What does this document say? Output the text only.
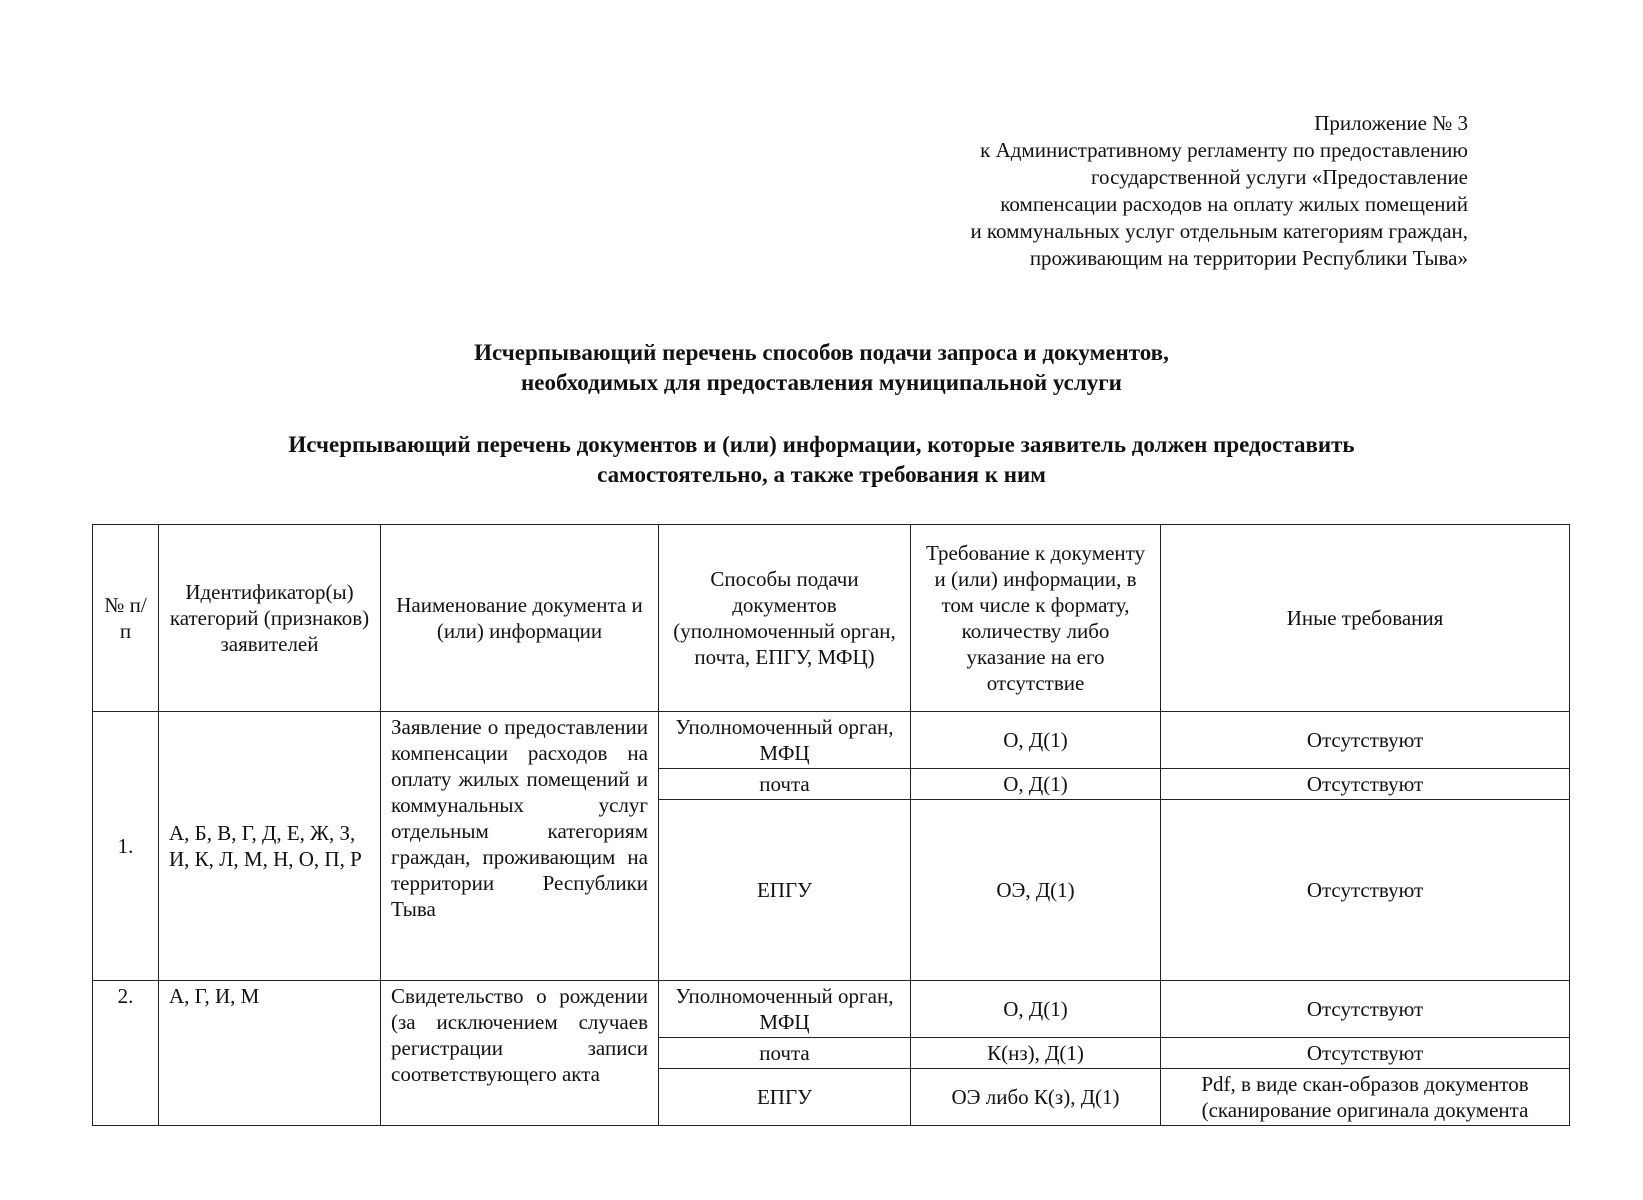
Приложение № 3
к Административному регламенту по предоставлению
государственной услуги «Предоставление
компенсации расходов на оплату жилых помещений
и коммунальных услуг отдельным категориям граждан,
проживающим на территории Республики Тыва»
Исчерпывающий перечень способов подачи запроса и документов,
необходимых для предоставления муниципальной услуги
Исчерпывающий перечень документов и (или) информации, которые заявитель должен предоставить
самостоятельно, а также требования к ним
№ п/п	Идентификатор(ы) категорий (признаков) заявителей	Наименование документа и (или) информации	Способы подачи документов (уполномоченный орган, почта, ЕПГУ, МФЦ)	Требование к документу и (или) информации, в том числе к формату, количеству либо указание на его отсутствие	Иные требования
1.	А, Б, В, Г, Д, Е, Ж, З, И, К, Л, М, Н, О, П, Р	Заявление о предоставлении компенсации расходов на оплату жилых помещений и коммунальных услуг отдельным категориям граждан, проживающим на территории Республики Тыва	Уполномоченный орган, МФЦ	О, Д(1)	Отсутствуют
			почта	О, Д(1)	Отсутствуют
			ЕПГУ	ОЭ, Д(1)	Отсутствуют
2.	А, Г, И, М	Свидетельство о рождении (за исключением случаев регистрации записи соответствующего акта	Уполномоченный орган, МФЦ	О, Д(1)	Отсутствуют
			почта	К(нз), Д(1)	Отсутствуют
			ЕПГУ	ОЭ либо К(з), Д(1)	Pdf, в виде скан-образов документов (сканирование оригинала документа
